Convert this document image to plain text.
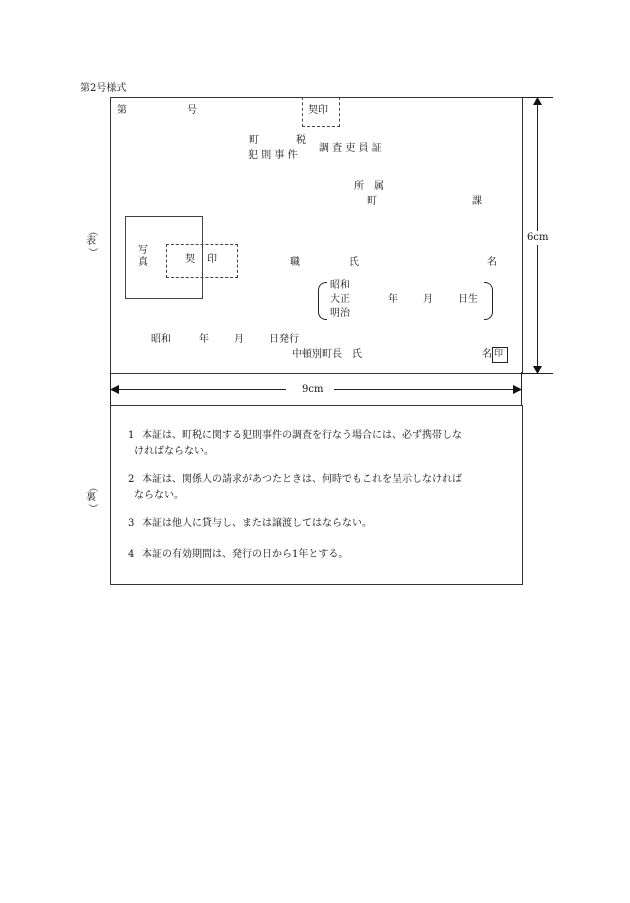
第2号様式
（
表
）
第	号	契印
町	税
犯 則 事 件
調 査 吏 員 証
所　属
町	課
写
真	契 印	職	氏	名
昭和
大正
明治
年	月	日生
昭和	年	月	日発行
中頓別町長　氏	名 印
6cm
9cm
（
裏
）
1 本証は、町税に関する犯則事件の調査を行なう場合には、必ず携帯しな
ければならない。
2 本証は、関係人の請求があつたときは、何時でもこれを呈示しなければ
ならない。
3 本証は他人に貸与し、または譲渡してはならない。
4 本証の有効期間は、発行の日から1年とする。
